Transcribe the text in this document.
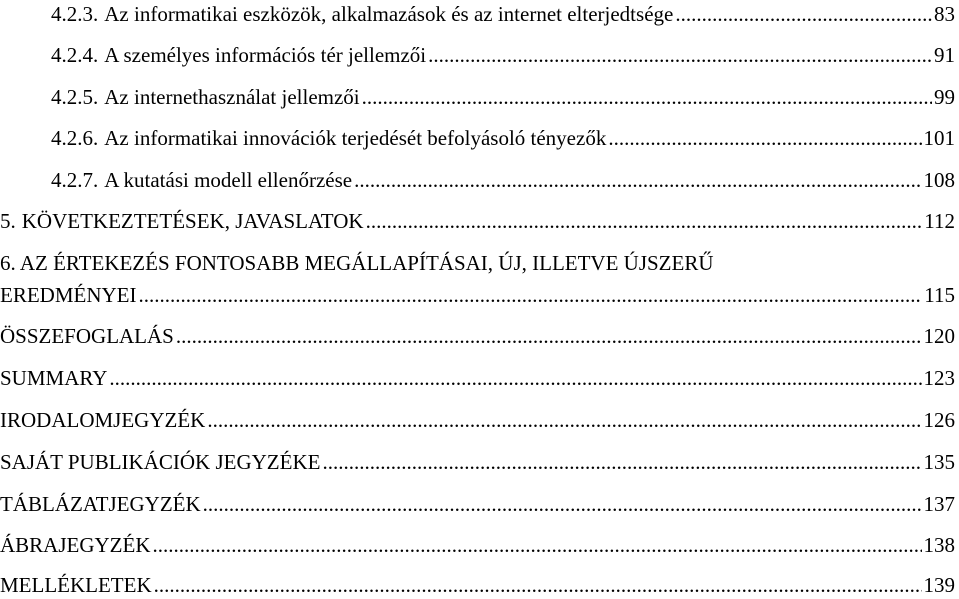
4.2.3. Az informatikai eszközök, alkalmazások és az internet elterjedtsége .....	83
4.2.4. A személyes információs tér jellemzői .....	91
4.2.5. Az internethasználat jellemzői .....	99
4.2.6. Az informatikai innovációk terjedését befolyásoló tényezők .....	101
4.2.7. A kutatási modell ellenőrzése .....	108
5. KÖVETKEZTETÉSEK, JAVASLATOK .....	112
6. AZ ÉRTEKEZÉS FONTOSABB MEGÁLLAPÍTÁSAI, ÚJ, ILLETVE ÚJSZERŰ
EREDMÉNYEI .....	115
ÖSSZEFOGLALÁS .....	120
SUMMARY .....	123
IRODALOMJEGYZÉK .....	126
SAJÁT PUBLIKÁCIÓK JEGYZÉKE .....	135
TÁBLÁZATJEGYZÉK .....	137
ÁBRAJEGYZÉK .....	138
MELLÉKLETEK .....	139
